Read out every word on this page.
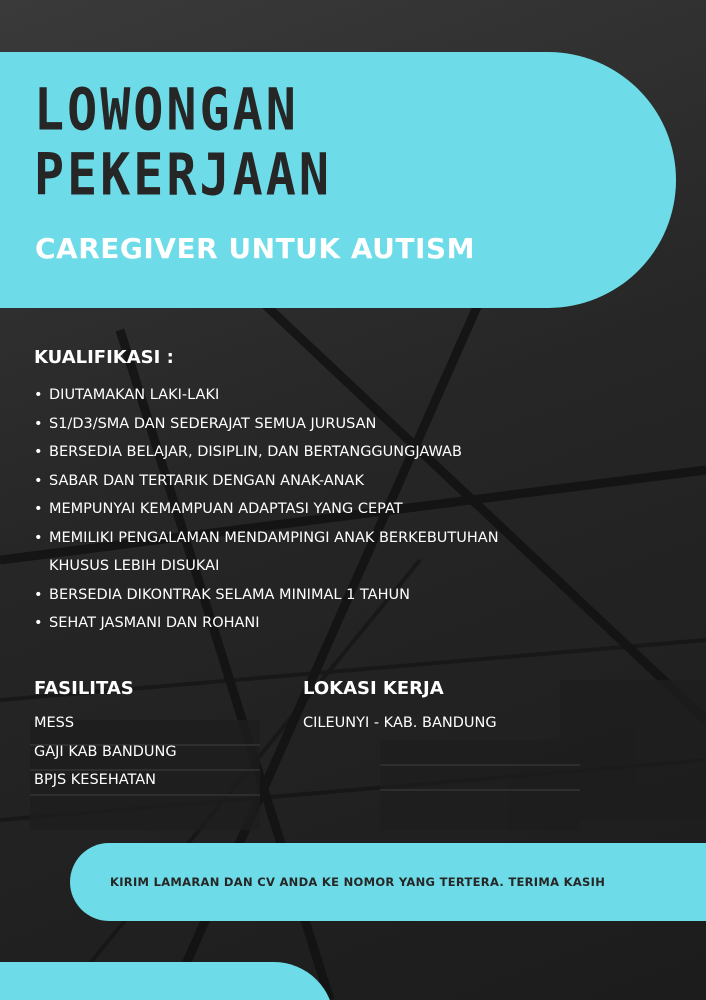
LOWONGAN
PEKERJAAN
CAREGIVER UNTUK AUTISM
KUALIFIKASI :
• DIUTAMAKAN LAKI-LAKI
• S1/D3/SMA DAN SEDERAJAT SEMUA JURUSAN
• BERSEDIA BELAJAR, DISIPLIN, DAN BERTANGGUNGJAWAB
• SABAR DAN TERTARIK DENGAN ANAK-ANAK
• MEMPUNYAI KEMAMPUAN ADAPTASI YANG CEPAT
• MEMILIKI PENGALAMAN MENDAMPINGI ANAK BERKEBUTUHAN KHUSUS LEBIH DISUKAI
• BERSEDIA DIKONTRAK SELAMA MINIMAL 1 TAHUN
• SEHAT JASMANI DAN ROHANI
FASILITAS
MESS
GAJI KAB BANDUNG
BPJS KESEHATAN
LOKASI KERJA
CILEUNYI - KAB. BANDUNG
KIRIM LAMARAN DAN CV ANDA KE NOMOR YANG TERTERA. TERIMA KASIH
